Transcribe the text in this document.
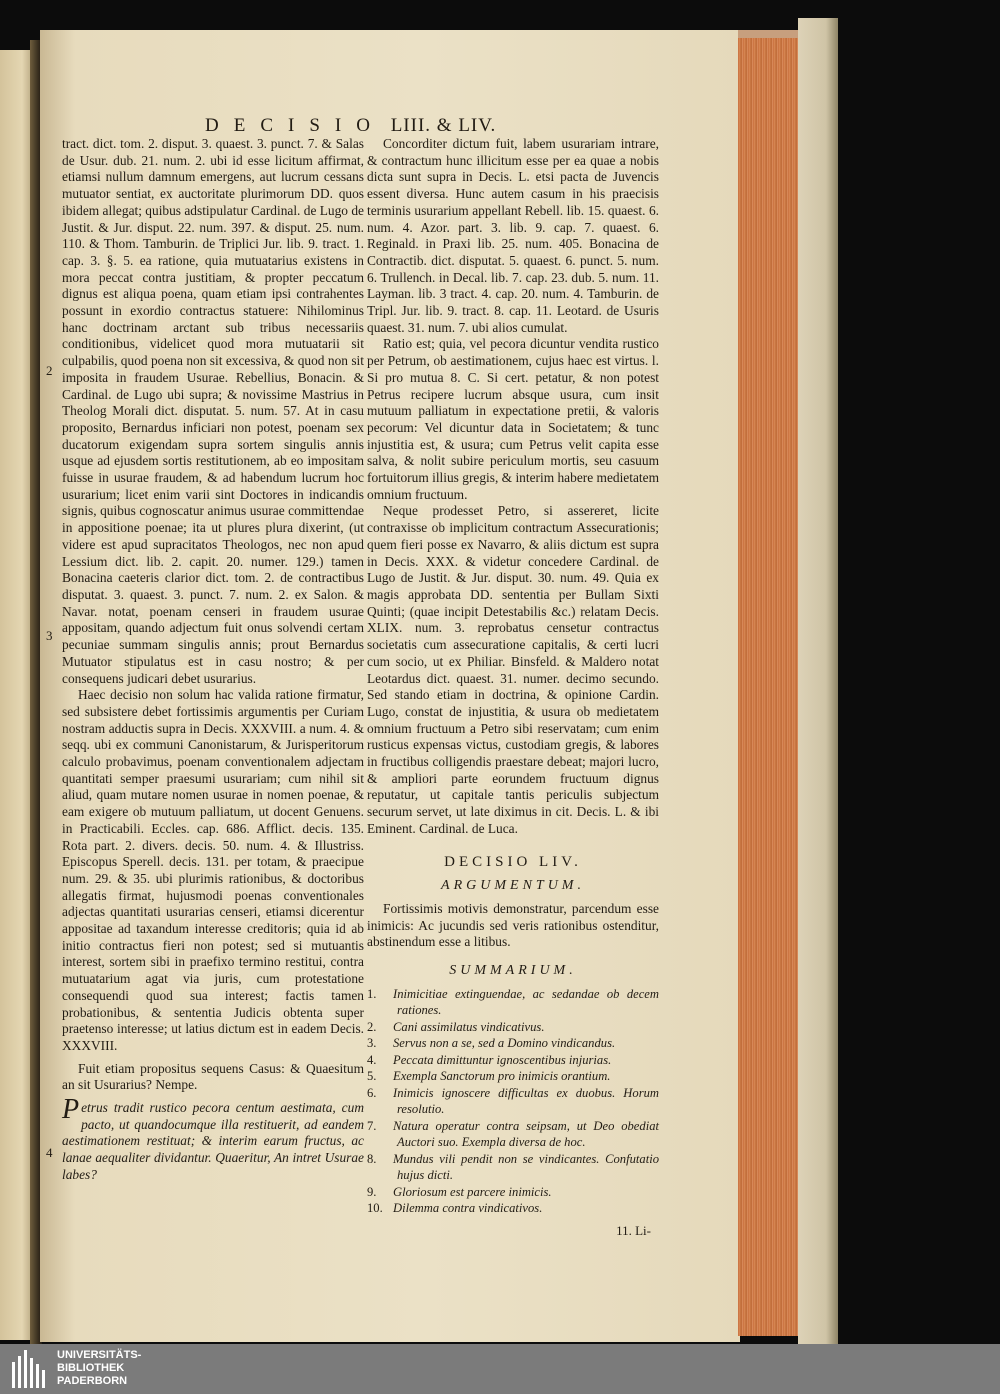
DECISIO LIII. & LIV.
2
3
4

tract. dict. tom. 2. disput. 3. quaest. 3. punct. 7. & Salas de Usur. dub. 21. num. 2. ubi id esse licitum affirmat, etiamsi nullum damnum emergens, aut lucrum cessans mutuator sentiat, ex auctoritate plurimorum DD. quos ibidem allegat; quibus adstipulatur Cardinal. de Lugo de Justit. & Jur. disput. 22. num. 397. & disput. 25. num. 110. & Thom. Tamburin. de Triplici Jur. lib. 9. tract. 1. cap. 3. §. 5. ea ratione, quia mutuatarius existens in mora peccat contra justitiam, & propter peccatum dignus est aliqua poena, quam etiam ipsi contrahentes possunt in exordio contractus statuere: Nihilominus hanc doctrinam arctant sub tribus necessariis conditionibus, videlicet quod mora mutuatarii sit culpabilis, quod poena non sit excessiva, & quod non sit imposita in fraudem Usurae. Rebellius, Bonacin. & Cardinal. de Lugo ubi supra; & novissime Mastrius in Theolog Morali dict. disputat. 5. num. 57. At in casu proposito, Bernardus inficiari non potest, poenam sex ducatorum exigendam supra sortem singulis annis usque ad ejusdem sortis restitutionem, ab eo impositam fuisse in usurae fraudem, & ad habendum lucrum hoc usurarium; licet enim varii sint Doctores in indicandis signis, quibus cognoscatur animus usurae committendae in appositione poenae; ita ut plures plura dixerint, (ut videre est apud supracitatos Theologos, nec non apud Lessium dict. lib. 2. capit. 20. numer. 129.) tamen Bonacina caeteris clarior dict. tom. 2. de contractibus disputat. 3. quaest. 3. punct. 7. num. 2. ex Salon. & Navar. notat, poenam censeri in fraudem usurae appositam, quando adjectum fuit onus solvendi certam pecuniae summam singulis annis; prout Bernardus Mutuator stipulatus est in casu nostro; & per consequens judicari debet usurarius.

Haec decisio non solum hac valida ratione firmatur, sed subsistere debet fortissimis argumentis per Curiam nostram adductis supra in Decis. XXXVIII. a num. 4. & seqq. ubi ex communi Canonistarum, & Jurisperitorum calculo probavimus, poenam conventionalem adjectam quantitati semper praesumi usurariam; cum nihil sit aliud, quam mutare nomen usurae in nomen poenae, & eam exigere ob mutuum palliatum, ut docent Genuens. in Practicabili. Eccles. cap. 686. Afflict. decis. 135. Rota part. 2. divers. decis. 50. num. 4. & Illustriss. Episcopus Sperell. decis. 131. per totam, & praecipue num. 29. & 35. ubi plurimis rationibus, & doctoribus allegatis firmat, hujusmodi poenas conventionales adjectas quantitati usurarias censeri, etiamsi dicerentur appositae ad taxandum interesse creditoris; quia id ab initio contractus fieri non potest; sed si mutuantis interest, sortem sibi in praefixo termino restitui, contra mutuatarium agat via juris, cum protestatione consequendi quod sua interest; factis tamen probationibus, & sententia Judicis obtenta super praetenso interesse; ut latius dictum est in eadem Decis. XXXVIII.

Fuit etiam propositus sequens Casus: & Quaesitum an sit Usurarius? Nempe.

Petrus tradit rustico pecora centum aestimata, cum pacto, ut quandocumque illa restituerit, ad eandem aestimationem restituat; & interim earum fructus, ac lanae aequaliter dividantur. Quaeritur, An intret Usurae labes?

Concorditer dictum fuit, labem usurariam intrare, & contractum hunc illicitum esse per ea quae a nobis dicta sunt supra in Decis. L. etsi pacta de Juvencis essent diversa. Hunc autem casum in his praecisis terminis usurarium appellant Rebell. lib. 15. quaest. 6. num. 4. Azor. part. 3. lib. 9. cap. 7. quaest. 6. Reginald. in Praxi lib. 25. num. 405. Bonacina de Contractib. dict. disputat. 5. quaest. 6. punct. 5. num. 6. Trullench. in Decal. lib. 7. cap. 23. dub. 5. num. 11. Layman. lib. 3 tract. 4. cap. 20. num. 4. Tamburin. de Tripl. Jur. lib. 9. tract. 8. cap. 11. Leotard. de Usuris quaest. 31. num. 7. ubi alios cumulat.

Ratio est; quia, vel pecora dicuntur vendita rustico per Petrum, ob aestimationem, cujus haec est virtus. l. Si pro mutua 8. C. Si cert. petatur, & non potest Petrus recipere lucrum absque usura, cum insit mutuum palliatum in expectatione pretii, & valoris pecorum: Vel dicuntur data in Societatem; & tunc injustitia est, & usura; cum Petrus velit capita esse salva, & nolit subire periculum mortis, seu casuum fortuitorum illius gregis, & interim habere medietatem omnium fructuum.

Neque prodesset Petro, si assereret, licite contraxisse ob implicitum contractum Assecurationis; quem fieri posse ex Navarro, & aliis dictum est supra in Decis. XXX. & videtur concedere Cardinal. de Lugo de Justit. & Jur. disput. 30. num. 49. Quia ex magis approbata DD. sententia per Bullam Sixti Quinti; (quae incipit Detestabilis &c.) relatam Decis. XLIX. num. 3. reprobatus censetur contractus societatis cum assecuratione capitalis, & certi lucri cum socio, ut ex Philiar. Binsfeld. & Maldero notat Leotardus dict. quaest. 31. numer. decimo secundo. Sed stando etiam in doctrina, & opinione Cardin. Lugo, constat de injustitia, & usura ob medietatem omnium fructuum a Petro sibi reservatam; cum enim rusticus expensas victus, custodiam gregis, & labores in fructibus colligendis praestare debeat; majori lucro, & ampliori parte eorundem fructuum dignus reputatur, ut capitale tantis periculis subjectum securum servet, ut late diximus in cit. Decis. L. & ibi Eminent. Cardinal. de Luca.

DECISIO LIV.
ARGUMENTUM.

Fortissimis motivis demonstratur, parcendum esse inimicis: Ac jucundis sed veris rationibus ostenditur, abstinendum esse a litibus.

SUMMARIUM.
1. Inimicitiae extinguendae, ac sedandae ob decem rationes.
2. Cani assimilatus vindicativus.
3. Servus non a se, sed a Domino vindicandus.
4. Peccata dimittuntur ignoscentibus injurias.
5. Exempla Sanctorum pro inimicis orantium.
6. Inimicis ignoscere difficultas ex duobus. Horum resolutio.
7. Natura operatur contra seipsam, ut Deo obediat Auctori suo. Exempla diversa de hoc.
8. Mundus vili pendit non se vindicantes. Confutatio hujus dicti.
9. Gloriosum est parcere inimicis.
10. Dilemma contra vindicativos.
11. Li-
UNIVERSITÄTS-
BIBLIOTHEK
PADERBORN
